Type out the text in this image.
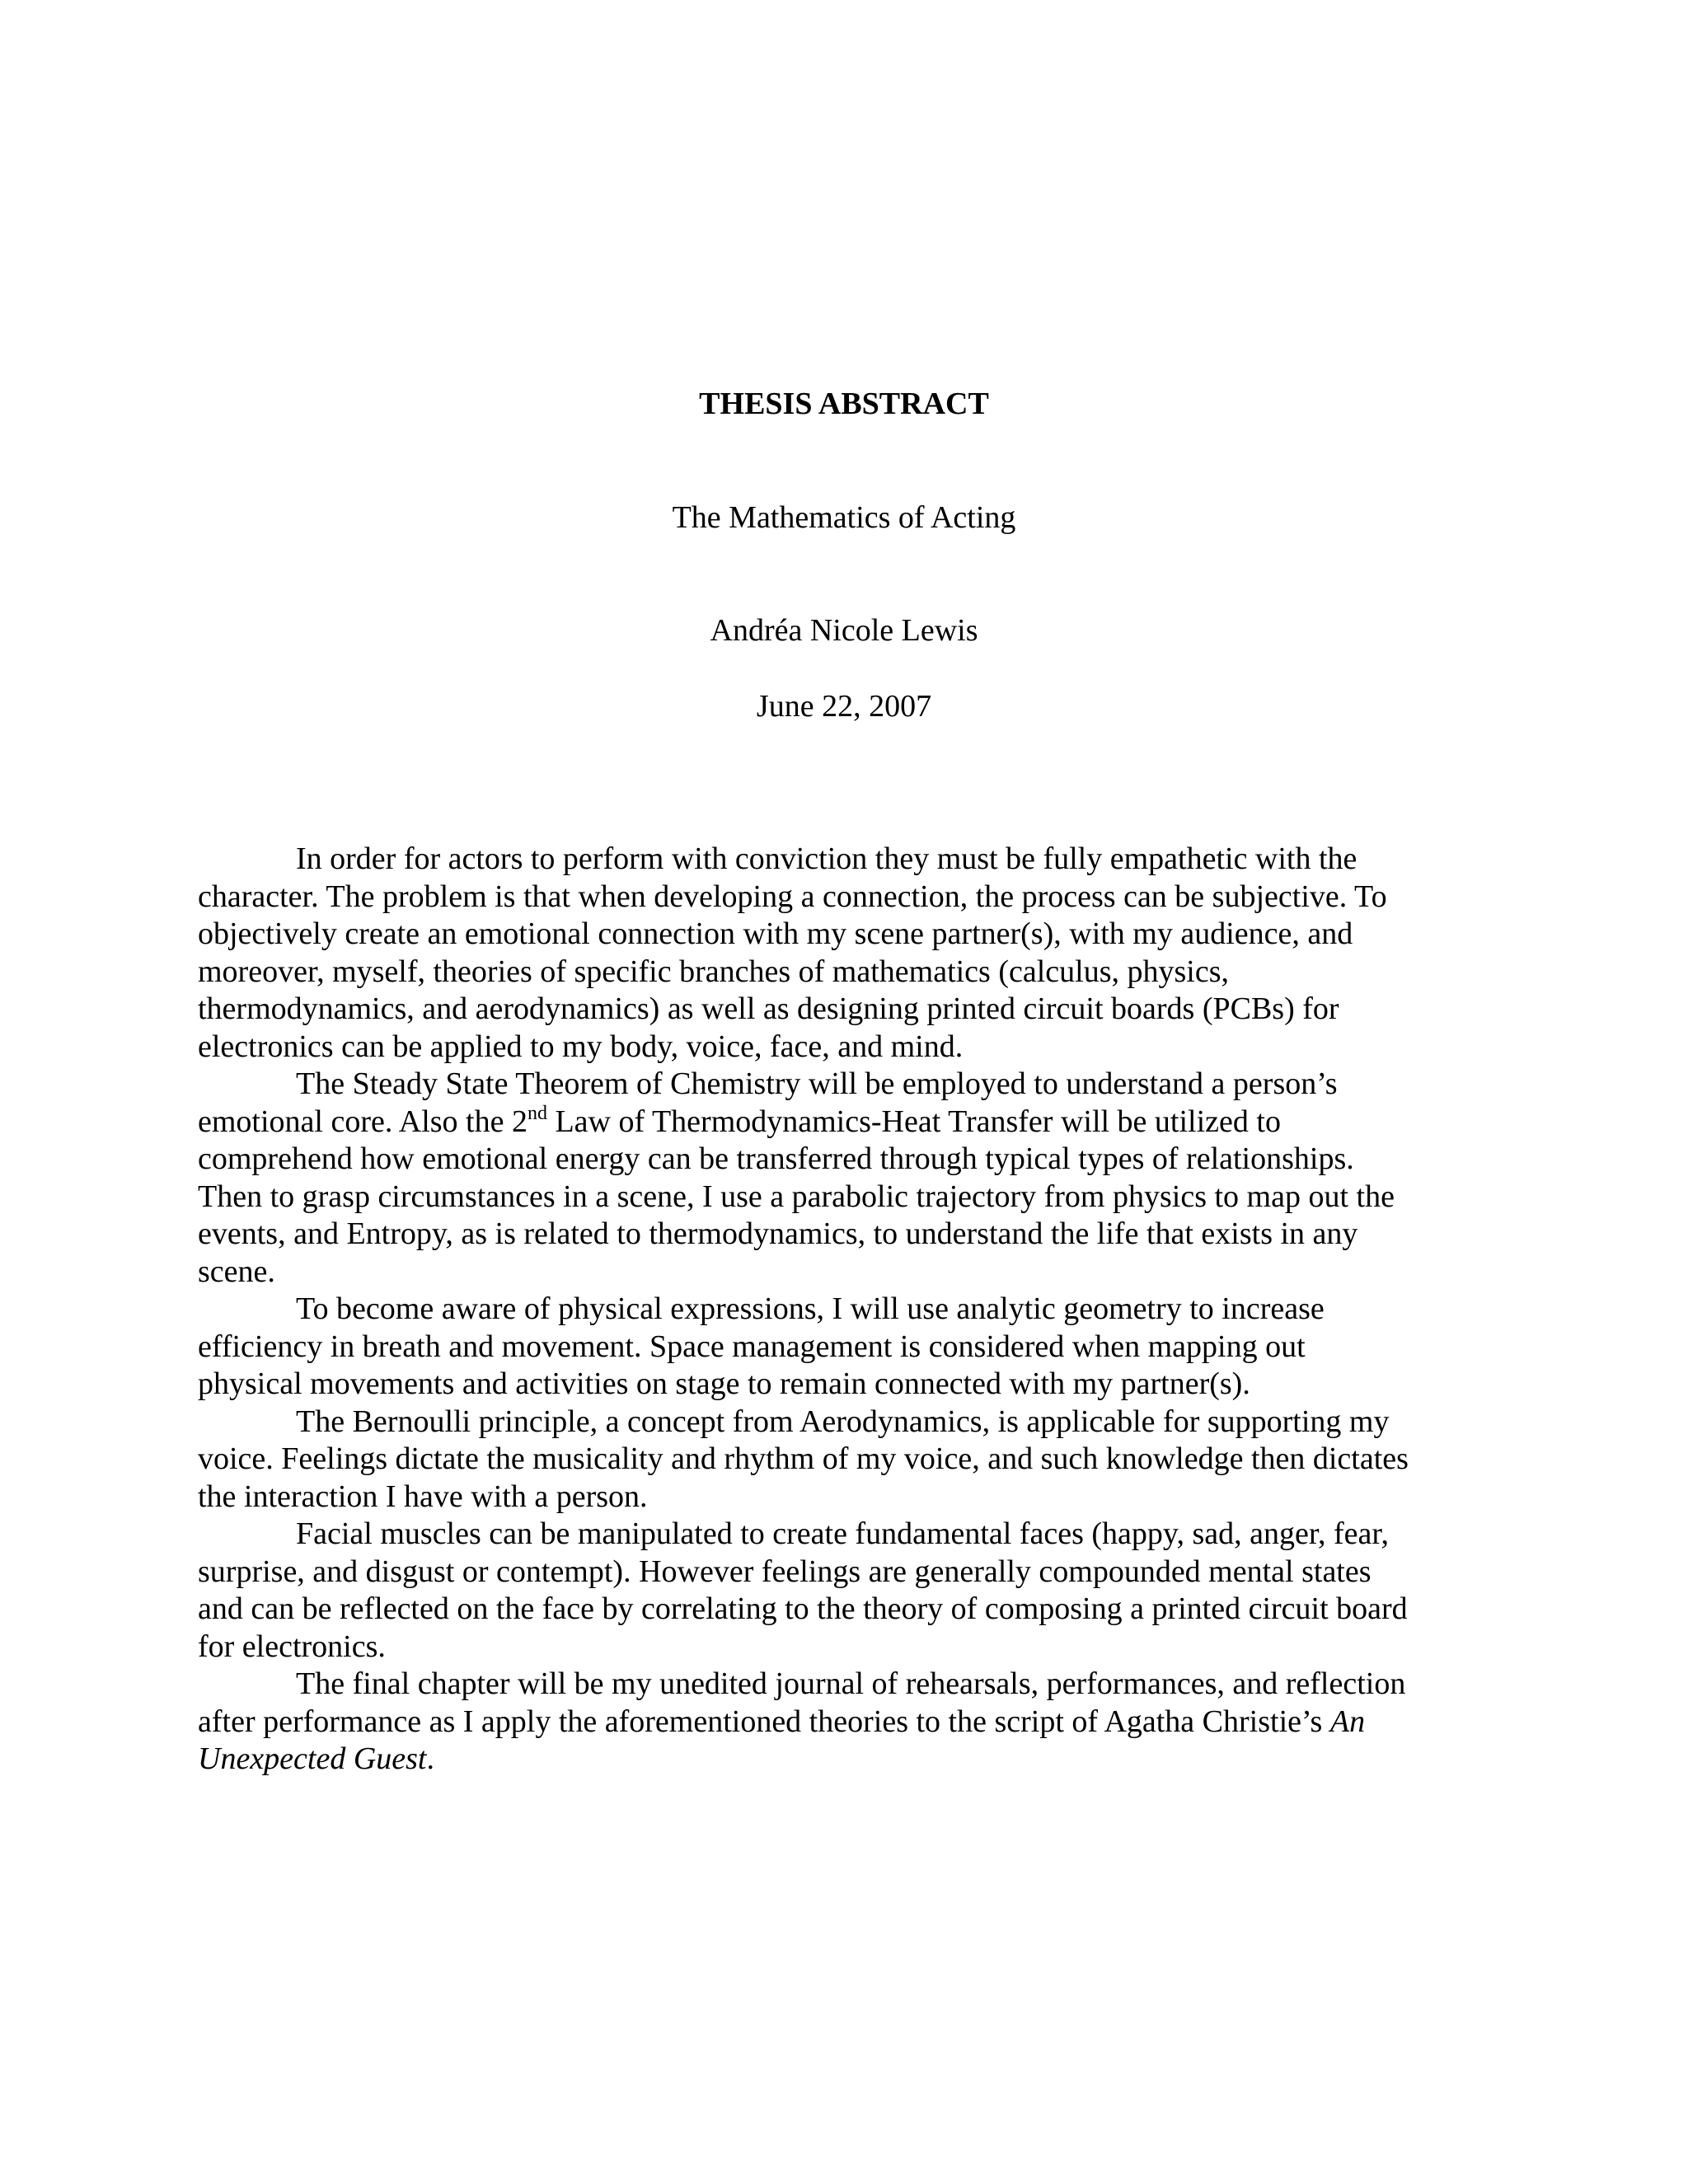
THESIS ABSTRACT
The Mathematics of Acting
Andréa Nicole Lewis
June 22, 2007
In order for actors to perform with conviction they must be fully empathetic with the
character. The problem is that when developing a connection, the process can be subjective. To
objectively create an emotional connection with my scene partner(s), with my audience, and
moreover, myself, theories of specific branches of mathematics (calculus, physics,
thermodynamics, and aerodynamics) as well as designing printed circuit boards (PCBs) for
electronics can be applied to my body, voice, face, and mind.
The Steady State Theorem of Chemistry will be employed to understand a person’s
emotional core. Also the 2nd Law of Thermodynamics-Heat Transfer will be utilized to
comprehend how emotional energy can be transferred through typical types of relationships.
Then to grasp circumstances in a scene, I use a parabolic trajectory from physics to map out the
events, and Entropy, as is related to thermodynamics, to understand the life that exists in any
scene.
To become aware of physical expressions, I will use analytic geometry to increase
efficiency in breath and movement. Space management is considered when mapping out
physical movements and activities on stage to remain connected with my partner(s).
The Bernoulli principle, a concept from Aerodynamics, is applicable for supporting my
voice. Feelings dictate the musicality and rhythm of my voice, and such knowledge then dictates
the interaction I have with a person.
Facial muscles can be manipulated to create fundamental faces (happy, sad, anger, fear,
surprise, and disgust or contempt). However feelings are generally compounded mental states
and can be reflected on the face by correlating to the theory of composing a printed circuit board
for electronics.
The final chapter will be my unedited journal of rehearsals, performances, and reflection
after performance as I apply the aforementioned theories to the script of Agatha Christie’s An
Unexpected Guest.
